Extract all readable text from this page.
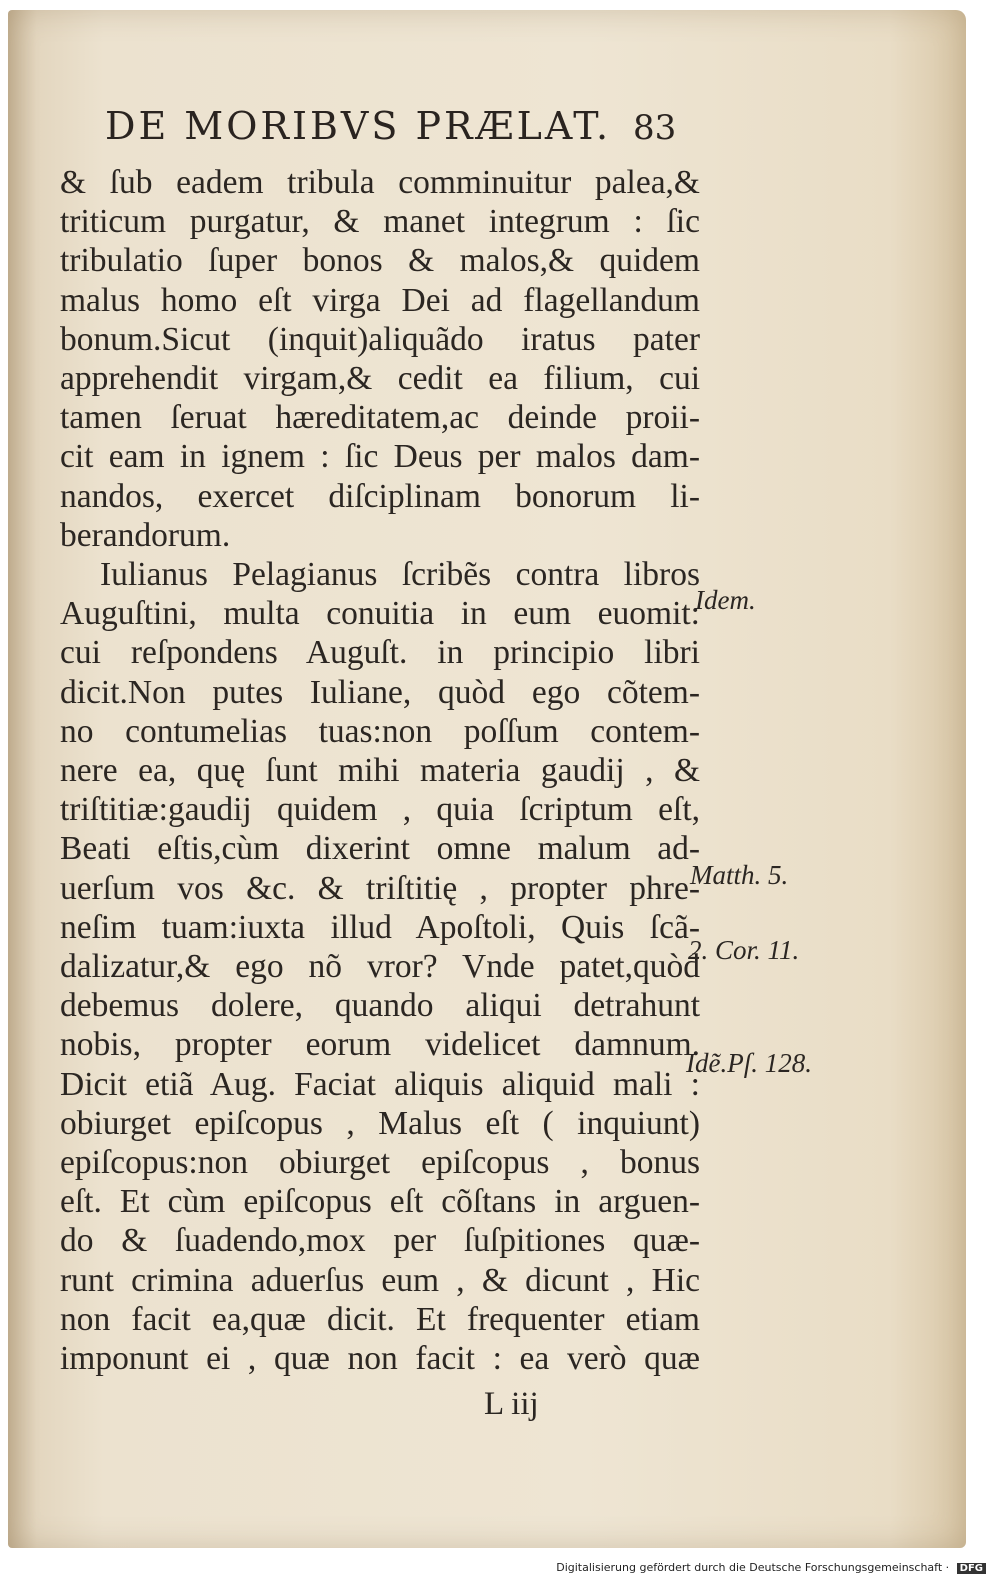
DE MORIBVS PRÆLAT. 83
& ſub eadem tribula comminuitur palea,&
triticum purgatur, & manet integrum : ſic
tribulatio ſuper bonos & malos,& quidem
malus homo eſt virga Dei ad flagellandum
bonum.Sicut (inquit)aliquãdo iratus pater
apprehendit virgam,& cedit ea filium, cui
tamen ſeruat hæreditatem,ac deinde proii-
cit eam in ignem : ſic Deus per malos dam-
nandos, exercet diſciplinam bonorum li-
berandorum.
Iulianus Pelagianus ſcribẽs contra libros
Auguſtini, multa conuitia in eum euomit:
cui reſpondens Auguſt. in principio libri
dicit.Non putes Iuliane, quòd ego cõtem-
no contumelias tuas:non poſſum contem-
nere ea, quę ſunt mihi materia gaudij , &
triſtitiæ:gaudij quidem , quia ſcriptum eſt,
Beati eſtis,cùm dixerint omne malum ad-
uerſum vos &c. & triſtitię , propter phre-
neſim tuam:iuxta illud Apoſtoli, Quis ſcã-
dalizatur,& ego nõ vror? Vnde patet,quòd
debemus dolere, quando aliqui detrahunt
nobis, propter eorum videlicet damnum.
Dicit etiã Aug. Faciat aliquis aliquid mali :
obiurget epiſcopus , Malus eſt ( inquiunt)
epiſcopus:non obiurget epiſcopus , bonus
eſt. Et cùm epiſcopus eſt cõſtans in arguen-
do & ſuadendo,mox per ſuſpitiones quæ-
runt crimina aduerſus eum , & dicunt , Hic
non facit ea,quæ dicit. Et frequenter etiam
imponunt ei , quæ non facit : ea verò quæ
Idem.
Matth. 5.
2. Cor. 11.
Idẽ.Pſ. 128.
L iij
Digitalisierung gefördert durch die Deutsche Forschungsgemeinschaft · DFG
